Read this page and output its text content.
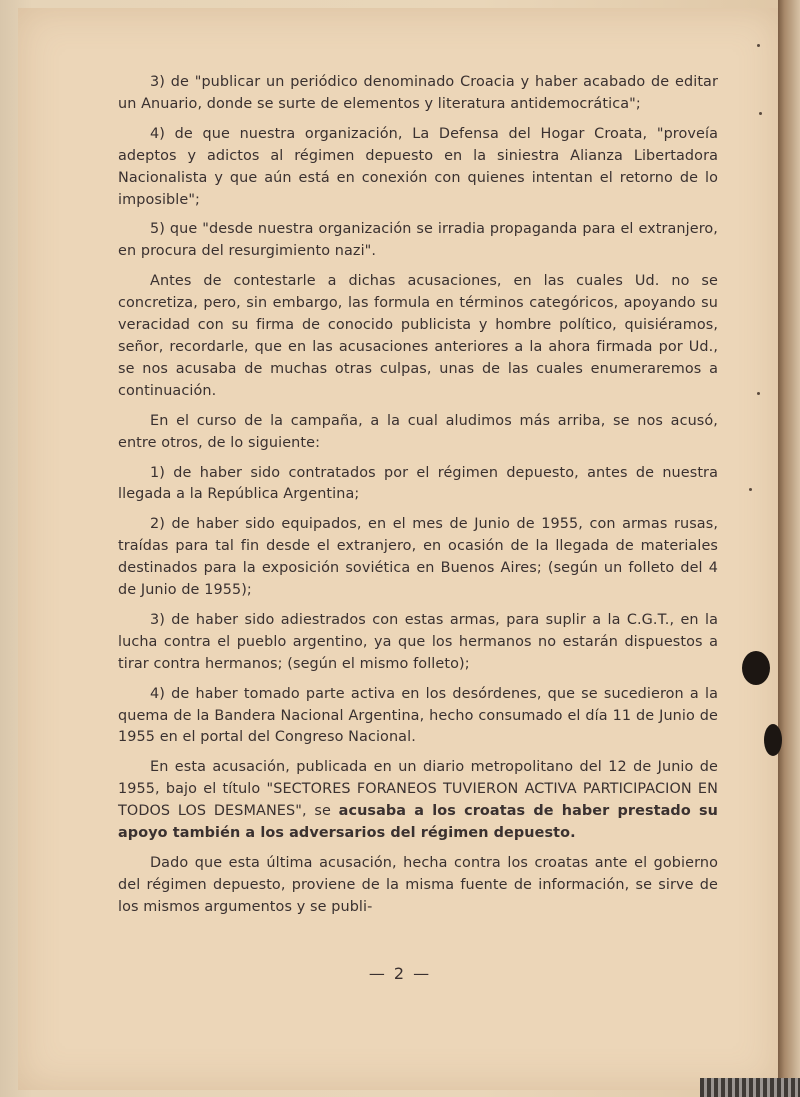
3) de "publicar un periódico denominado Croacia y haber acabado de editar un Anuario, donde se surte de elementos y literatura antidemocrática";

4) de que nuestra organización, La Defensa del Hogar Croata, "proveía adeptos y adictos al régimen depuesto en la siniestra Alianza Libertadora Nacionalista y que aún está en conexión con quienes intentan el retorno de lo imposible";

5) que "desde nuestra organización se irradia propaganda para el extranjero, en procura del resurgimiento nazi".

Antes de contestarle a dichas acusaciones, en las cuales Ud. no se concretiza, pero, sin embargo, las formula en términos categóricos, apoyando su veracidad con su firma de conocido publicista y hombre político, quisiéramos, señor, recordarle, que en las acusaciones anteriores a la ahora firmada por Ud., se nos acusaba de muchas otras culpas, unas de las cuales enumeraremos a continuación.

En el curso de la campaña, a la cual aludimos más arriba, se nos acusó, entre otros, de lo siguiente:

1) de haber sido contratados por el régimen depuesto, antes de nuestra llegada a la República Argentina;

2) de haber sido equipados, en el mes de Junio de 1955, con armas rusas, traídas para tal fin desde el extranjero, en ocasión de la llegada de materiales destinados para la exposición soviética en Buenos Aires; (según un folleto del 4 de Junio de 1955);

3) de haber sido adiestrados con estas armas, para suplir a la C.G.T., en la lucha contra el pueblo argentino, ya que los hermanos no estarán dispuestos a tirar contra hermanos; (según el mismo folleto);

4) de haber tomado parte activa en los desórdenes, que se sucedieron a la quema de la Bandera Nacional Argentina, hecho consumado el día 11 de Junio de 1955 en el portal del Congreso Nacional.

En esta acusación, publicada en un diario metropolitano del 12 de Junio de 1955, bajo el título "SECTORES FORANEOS TUVIERON ACTIVA PARTICIPACION EN TODOS LOS DESMANES", se acusaba a los croatas de haber prestado su apoyo también a los adversarios del régimen depuesto.

Dado que esta última acusación, hecha contra los croatas ante el gobierno del régimen depuesto, proviene de la misma fuente de información, se sirve de los mismos argumentos y se publi-

— 2 —
